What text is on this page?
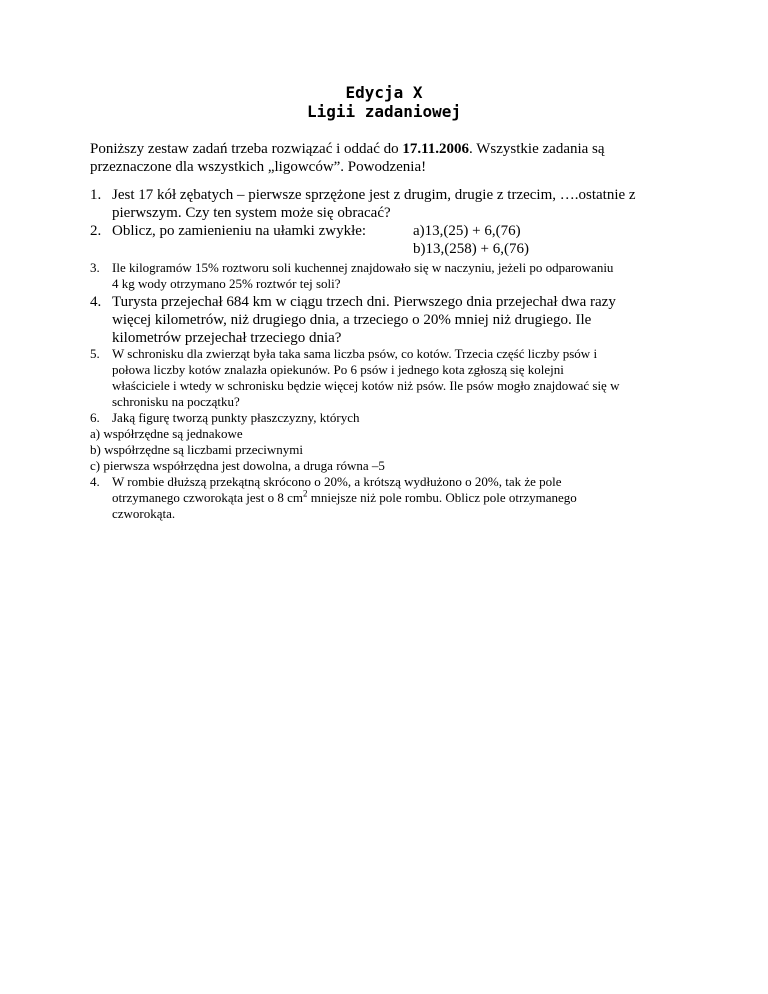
Edycja X
Ligii zadaniowej
Poniższy zestaw zadań trzeba rozwiązać i oddać do 17.11.2006. Wszystkie zadania są
przeznaczone dla wszystkich „ligowców”. Powodzenia!
1. Jest 17 kół zębatych – pierwsze sprzężone jest z drugim, drugie z trzecim, ….ostatnie z
pierwszym. Czy ten system może się obracać?
2. Oblicz, po zamienieniu na ułamki zwykłe:	a)13,(25) + 6,(76)
b)13,(258) + 6,(76)
3. Ile kilogramów 15% roztworu soli kuchennej znajdowało się w naczyniu, jeżeli po odparowaniu
4 kg wody otrzymano 25% roztwór tej soli?
4. Turysta przejechał 684 km w ciągu trzech dni. Pierwszego dnia przejechał dwa razy
więcej kilometrów, niż drugiego dnia, a trzeciego o 20% mniej niż drugiego. Ile
kilometrów przejechał trzeciego dnia?
5. W schronisku dla zwierząt była taka sama liczba psów, co kotów. Trzecia część liczby psów i
połowa liczby kotów znalazła opiekunów. Po 6 psów i jednego kota zgłoszą się kolejni
właściciele i wtedy w schronisku będzie więcej kotów niż psów. Ile psów mogło znajdować się w
schronisku na początku?
6. Jaką figurę tworzą punkty płaszczyzny, których
a) współrzędne są jednakowe
b) współrzędne są liczbami przeciwnymi
c) pierwsza współrzędna jest dowolna, a druga równa –5
4. W rombie dłuższą przekątną skrócono o 20%, a krótszą wydłużono o 20%, tak że pole
otrzymanego czworokąta jest o 8 $cm^2$ mniejsze niż pole rombu. Oblicz pole otrzymanego
czworokąta.
